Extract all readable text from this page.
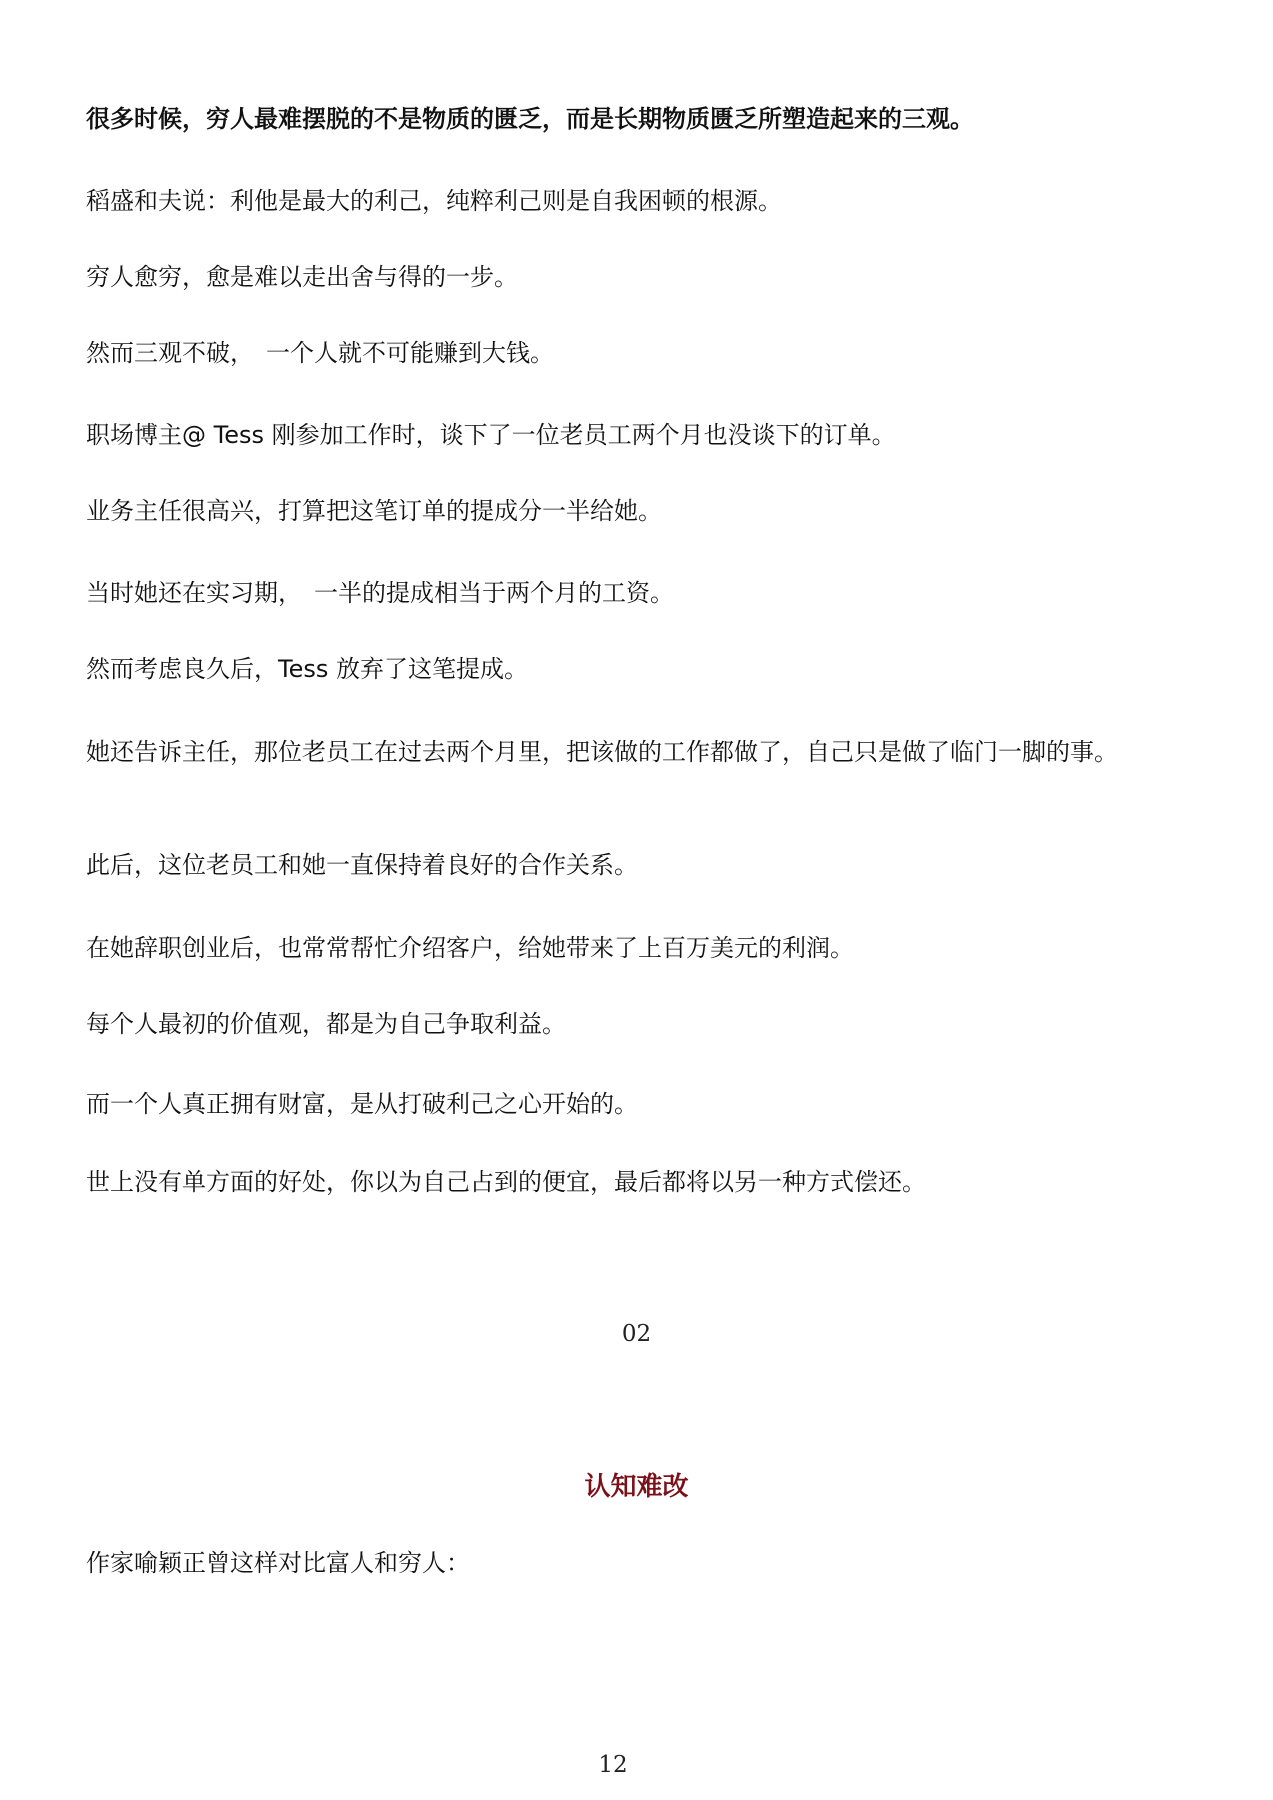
很多时候，穷人最难摆脱的不是物质的匮乏，而是长期物质匮乏所塑造起来的三观。

稻盛和夫说：利他是最大的利己，纯粹利己则是自我困顿的根源。

穷人愈穷，愈是难以走出舍与得的一步。

然而三观不破，　一个人就不可能赚到大钱。

职场博主@ Tess 刚参加工作时，谈下了一位老员工两个月也没谈下的订单。

业务主任很高兴，打算把这笔订单的提成分一半给她。

当时她还在实习期，　一半的提成相当于两个月的工资。

然而考虑良久后，Tess 放弃了这笔提成。

她还告诉主任，那位老员工在过去两个月里，把该做的工作都做了，自己只是做了临门一脚的事。

此后，这位老员工和她一直保持着良好的合作关系。

在她辞职创业后，也常常帮忙介绍客户，给她带来了上百万美元的利润。

每个人最初的价值观，都是为自己争取利益。

而一个人真正拥有财富，是从打破利己之心开始的。

世上没有单方面的好处，你以为自己占到的便宜，最后都将以另一种方式偿还。

02
认知难改

作家喻颖正曾这样对比富人和穷人：

12
